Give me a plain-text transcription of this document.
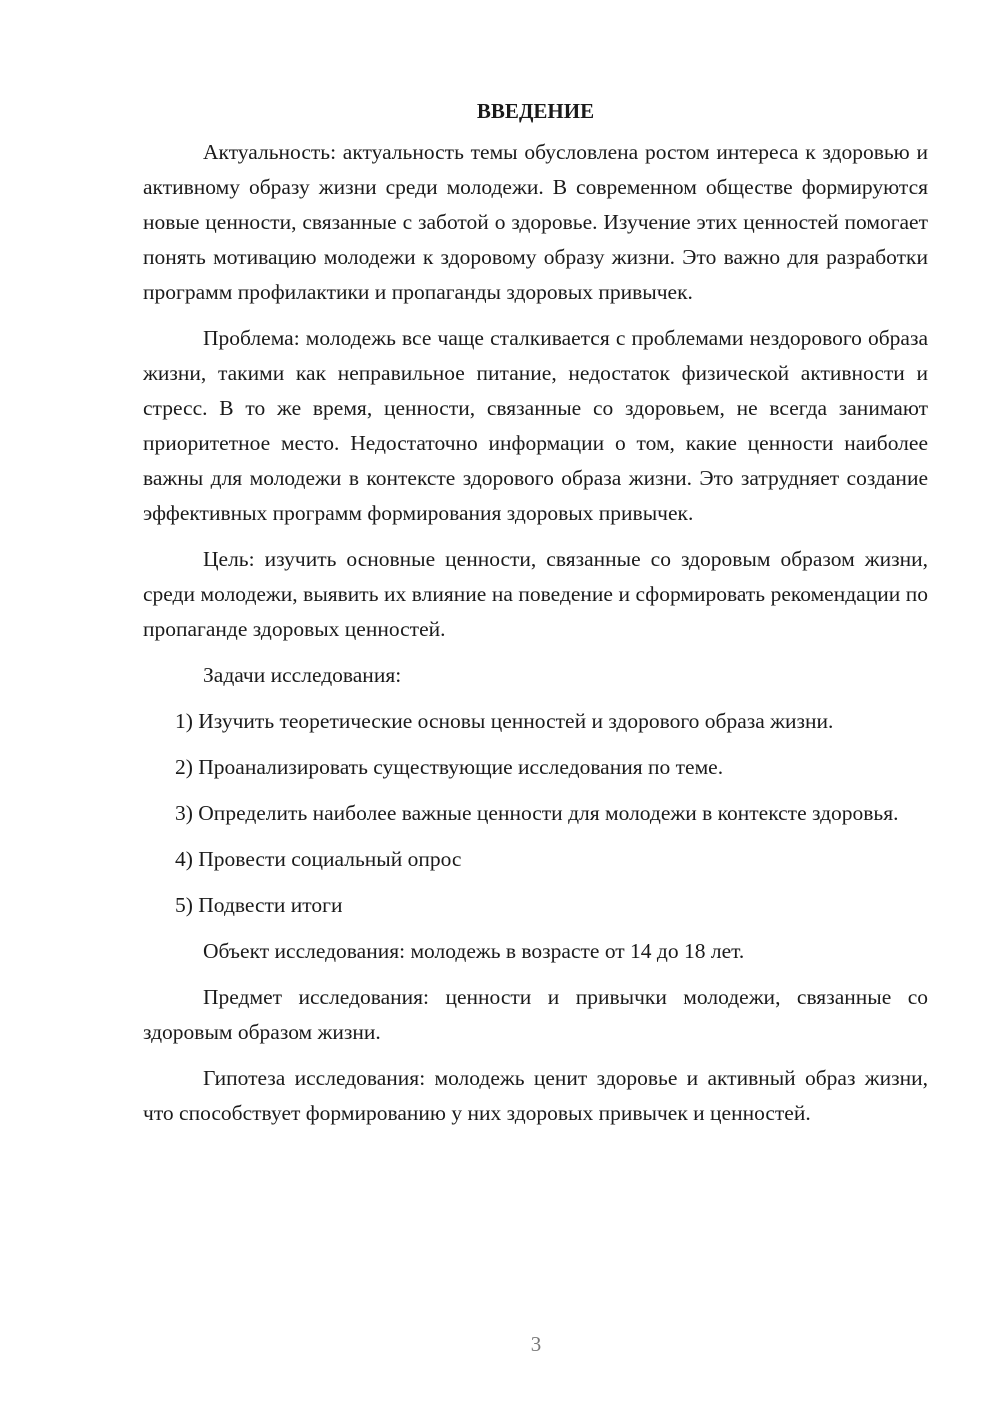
ВВЕДЕНИЕ

Актуальность: актуальность темы обусловлена ростом интереса к здоровью и активному образу жизни среди молодежи. В современном обществе формируются новые ценности, связанные с заботой о здоровье. Изучение этих ценностей помогает понять мотивацию молодежи к здоровому образу жизни. Это важно для разработки программ профилактики и пропаганды здоровых привычек.

Проблема: молодежь все чаще сталкивается с проблемами нездорового образа жизни, такими как неправильное питание, недостаток физической активности и стресс. В то же время, ценности, связанные со здоровьем, не всегда занимают приоритетное место. Недостаточно информации о том, какие ценности наиболее важны для молодежи в контексте здорового образа жизни. Это затрудняет создание эффективных программ формирования здоровых привычек.

Цель: изучить основные ценности, связанные со здоровым образом жизни, среди молодежи, выявить их влияние на поведение и сформировать рекомендации по пропаганде здоровых ценностей.

Задачи исследования:

1) Изучить теоретические основы ценностей и здорового образа жизни.

2) Проанализировать существующие исследования по теме.

3) Определить наиболее важные ценности для молодежи в контексте здоровья.

4) Провести социальный опрос

5) Подвести итоги

Объект исследования: молодежь в возрасте от 14 до 18 лет.

Предмет исследования: ценности и привычки молодежи, связанные со здоровым образом жизни.

Гипотеза исследования: молодежь ценит здоровье и активный образ жизни, что способствует формированию у них здоровых привычек и ценностей.

3
